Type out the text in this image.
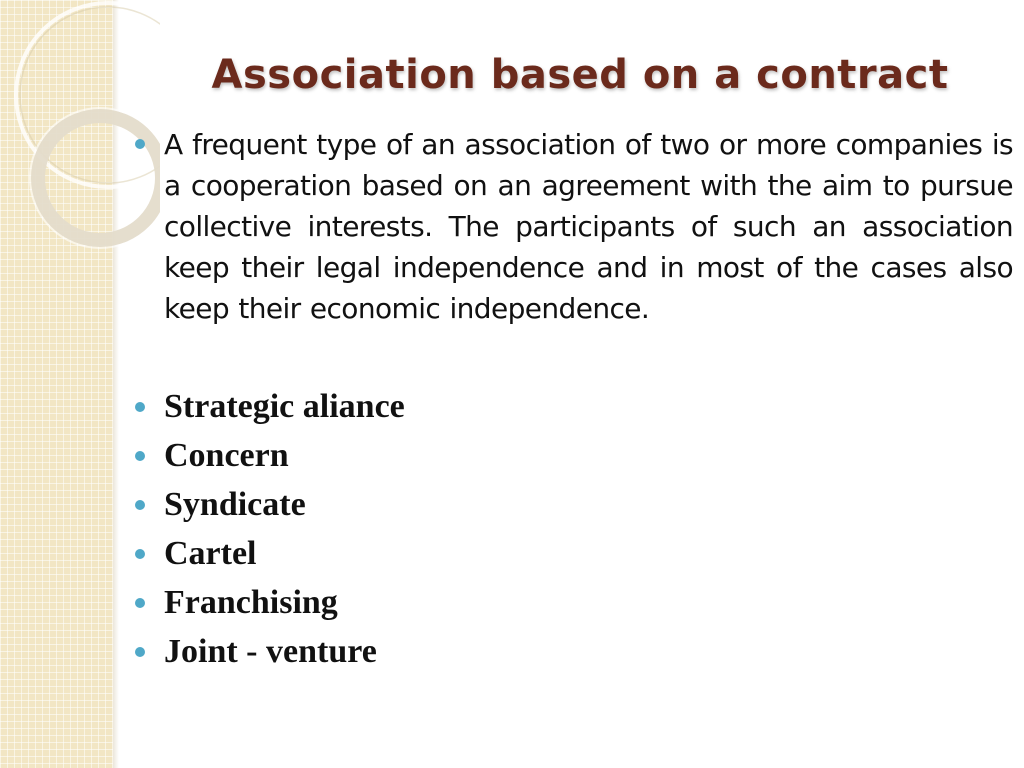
Association based on a contract
A frequent type of an association of two or more companies is a cooperation based on an agreement with the aim to pursue collective interests. The participants of such an association keep their legal independence and in most of the cases also keep their economic independence.
Strategic aliance
Concern
Syndicate
Cartel
Franchising
Joint - venture
